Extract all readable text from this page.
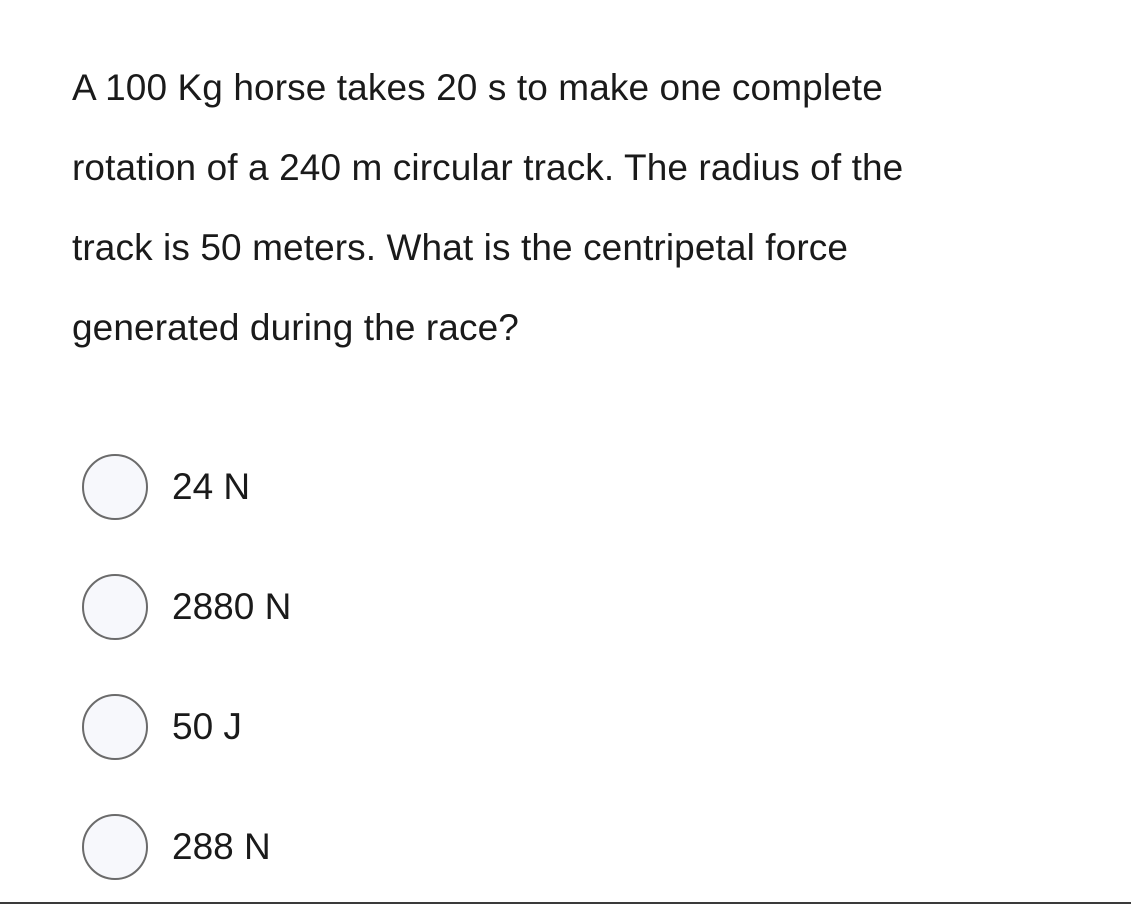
A 100 Kg horse takes 20 s to make one complete
rotation of a 240 m circular track. The radius of the
track is 50 meters. What is the centripetal force
generated during the race?
24 N
2880 N
50 J
288 N
